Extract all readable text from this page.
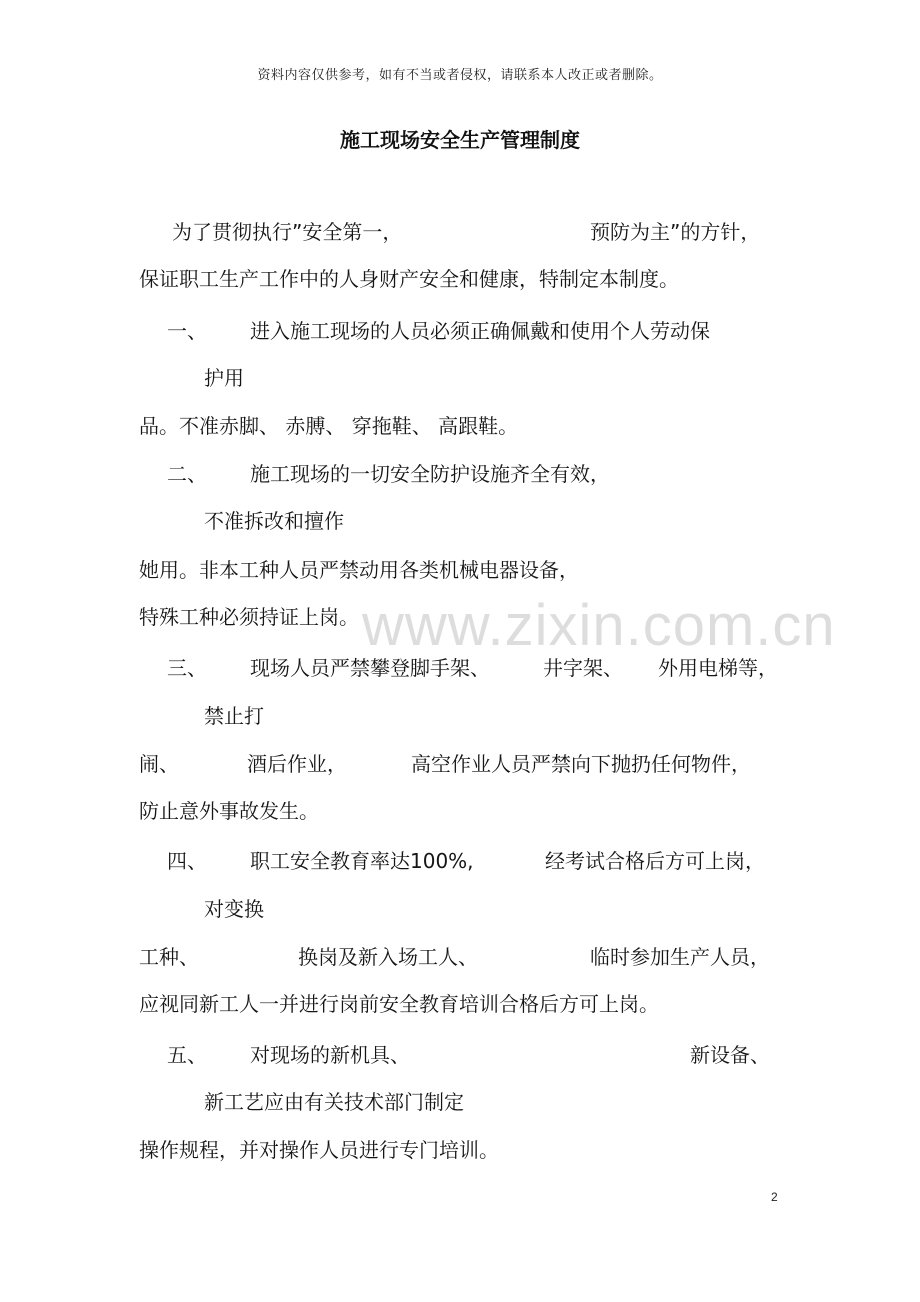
资料内容仅供参考，如有不当或者侵权，请联系本人改正或者删除。
施工现场安全生产管理制度
为了贯彻执行”安全第一，	预防为主”的方针，
保证职工生产工作中的人身财产安全和健康，特制定本制度。
一、 进入施工现场的人员必须正确佩戴和使用个人劳动保
护用
品。不准赤脚、 赤膊、 穿拖鞋、 高跟鞋。
二、 施工现场的一切安全防护设施齐全有效，
不准拆改和擅作
她用。非本工种人员严禁动用各类机械电器设备，
特殊工种必须持证上岗。
三、 现场人员严禁攀登脚手架、	井字架、 外用电梯等，
禁止打
闹、	酒后作业，	高空作业人员严禁向下抛扔任何物件，
防止意外事故发生。
四、 职工安全教育率达100%,	经考试合格后方可上岗，
对变换
工种、	换岗及新入场工人、	临时参加生产人员，
应视同新工人一并进行岗前安全教育培训合格后方可上岗。
五、 对现场的新机具、	新设备、
新工艺应由有关技术部门制定
操作规程，并对操作人员进行专门培训。
www.zixin.com.cn
2
